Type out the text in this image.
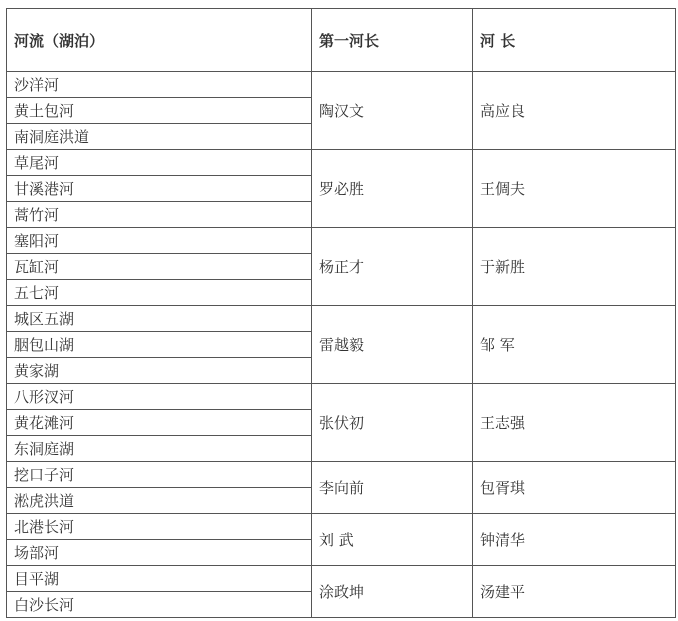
河流（湖泊）	第一河长	河 长
沙洋河	陶汉文	高应良
黄土包河		
南洞庭洪道		
草尾河	罗必胜	王倜夫
甘溪港河		
蒿竹河		
塞阳河	杨正才	于新胜
瓦缸河		
五七河		
城区五湖	雷越毅	邹 军
胭包山湖		
黄家湖		
八形汊河	张伏初	王志强
黄花滩河		
东洞庭湖		
挖口子河	李向前	包胥琪
淞虎洪道		
北港长河	刘 武	钟清华
场部河		
目平湖	涂政坤	汤建平
白沙长河		
